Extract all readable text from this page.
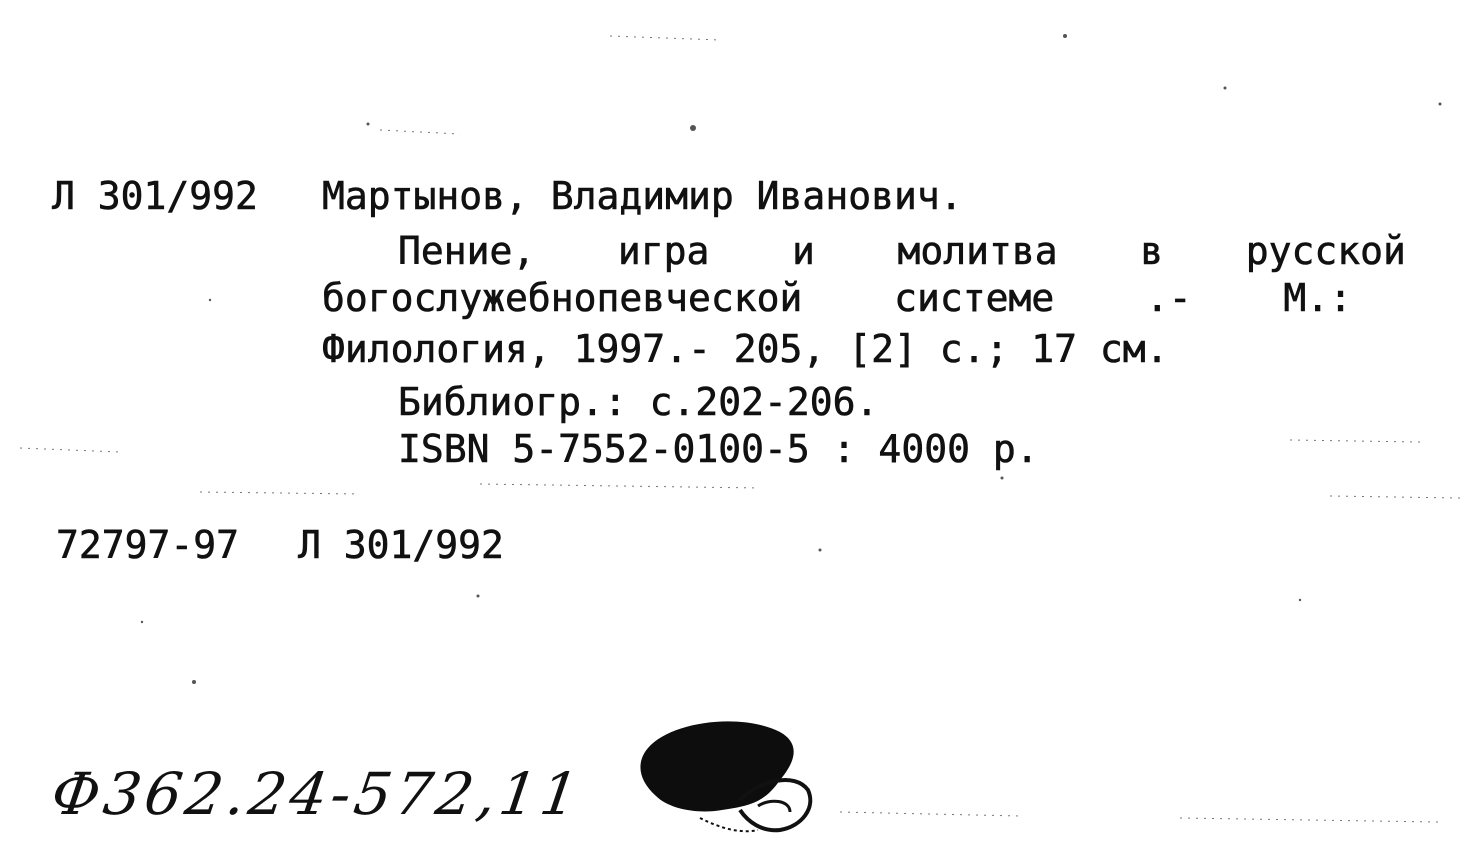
Л 301/992 Мартынов, Владимир Иванович.
Пение, игра и молитва в русской
богослужебнопевческой системе .- М.:
Филология, 1997.- 205, [2] с.; 17 см.
Библиогр.: с.202-206.
ISBN 5-7552-0100-5 : 4000 р.
72797-97 Л 301/992
Ф362.24-572,11
